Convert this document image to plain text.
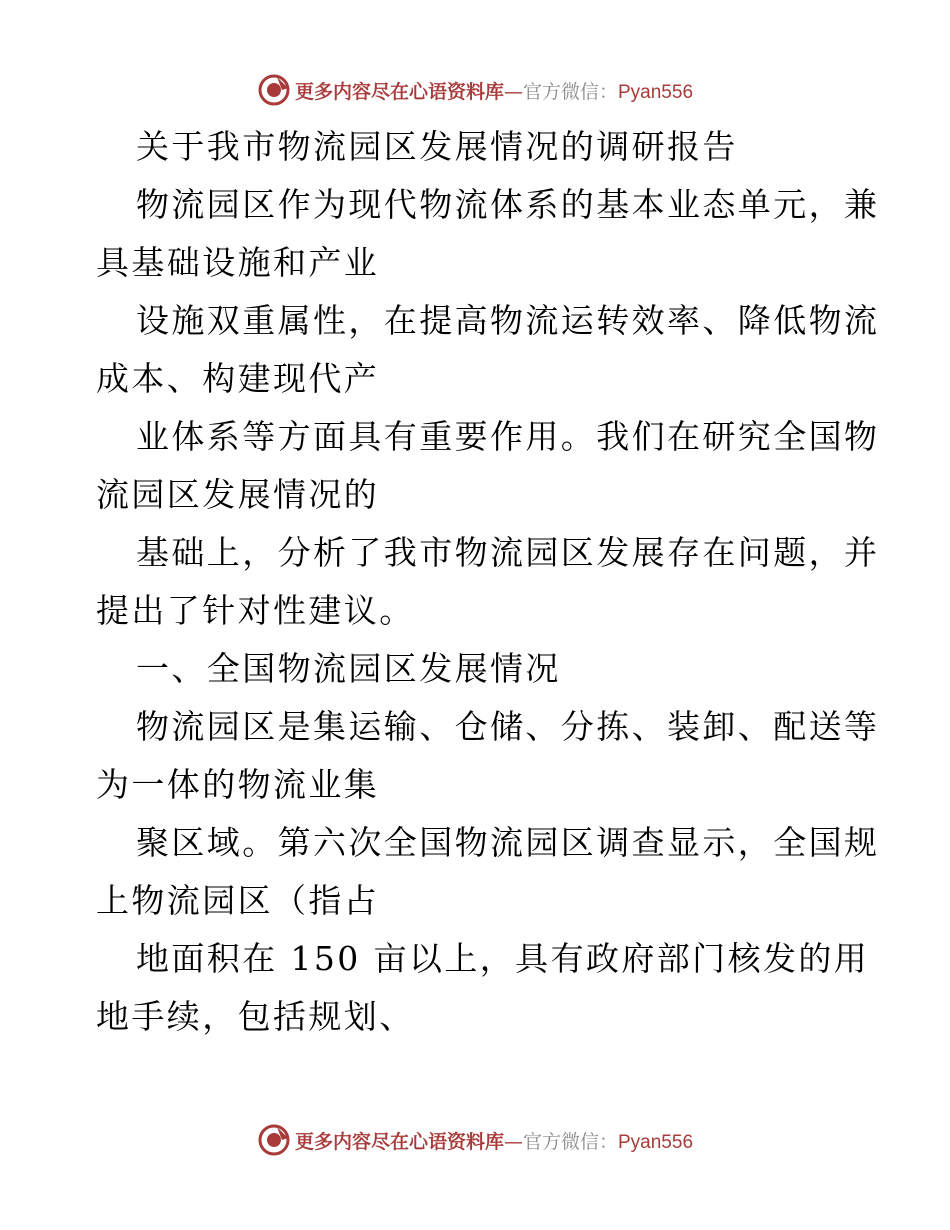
更多内容尽在心语资料库—官方微信：Pyan556
关于我市物流园区发展情况的调研报告
物流园区作为现代物流体系的基本业态单元，兼
具基础设施和产业
设施双重属性，在提高物流运转效率、降低物流
成本、构建现代产
业体系等方面具有重要作用。我们在研究全国物
流园区发展情况的
基础上，分析了我市物流园区发展存在问题，并
提出了针对性建议。
一、全国物流园区发展情况
物流园区是集运输、仓储、分拣、装卸、配送等
为一体的物流业集
聚区域。第六次全国物流园区调查显示，全国规
上物流园区（指占
地面积在 150 亩以上，具有政府部门核发的用
地手续，包括规划、
更多内容尽在心语资料库—官方微信：Pyan556
